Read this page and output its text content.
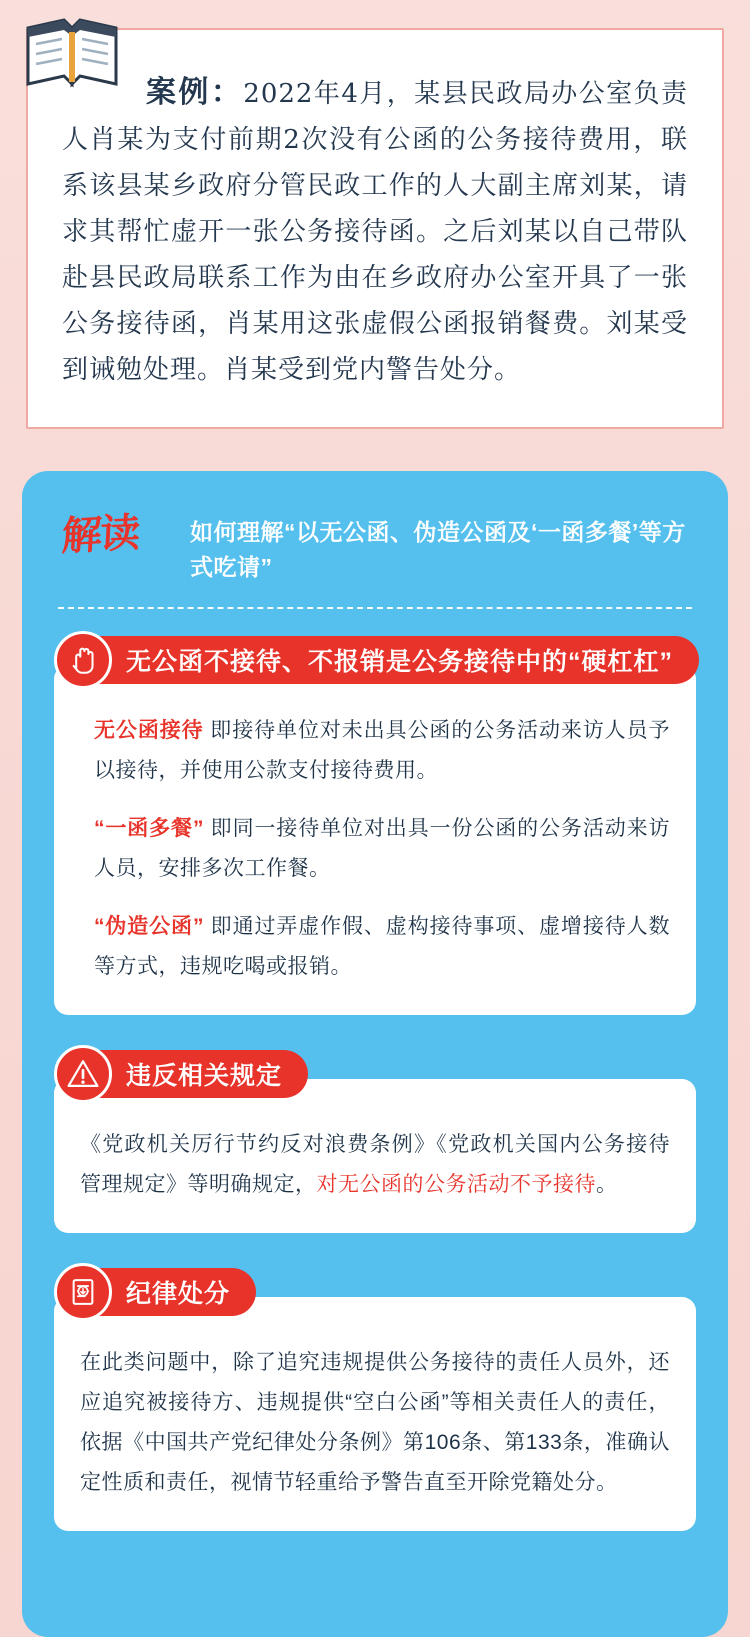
案例：2022年4月，某县民政局办公室负责人肖某为支付前期2次没有公函的公务接待费用，联系该县某乡政府分管民政工作的人大副主席刘某，请求其帮忙虚开一张公务接待函。之后刘某以自己带队赴县民政局联系工作为由在乡政府办公室开具了一张公务接待函，肖某用这张虚假公函报销餐费。刘某受到诫勉处理。肖某受到党内警告处分。
解读	如何理解“以无公函、伪造公函及‘一函多餐’等方式吃请”
无公函不接待、不报销是公务接待中的“硬杠杠”

无公函接待 即接待单位对未出具公函的公务活动来访人员予以接待，并使用公款支付接待费用。

“一函多餐” 即同一接待单位对出具一份公函的公务活动来访人员，安排多次工作餐。

“伪造公函” 即通过弄虚作假、虚构接待事项、虚增接待人数等方式，违规吃喝或报销。

违反相关规定

《党政机关厉行节约反对浪费条例》《党政机关国内公务接待管理规定》等明确规定，对无公函的公务活动不予接待。

纪律处分

在此类问题中，除了追究违规提供公务接待的责任人员外，还应追究被接待方、违规提供“空白公函”等相关责任人的责任，依据《中国共产党纪律处分条例》第106条、第133条，准确认定性质和责任，视情节轻重给予警告直至开除党籍处分。
